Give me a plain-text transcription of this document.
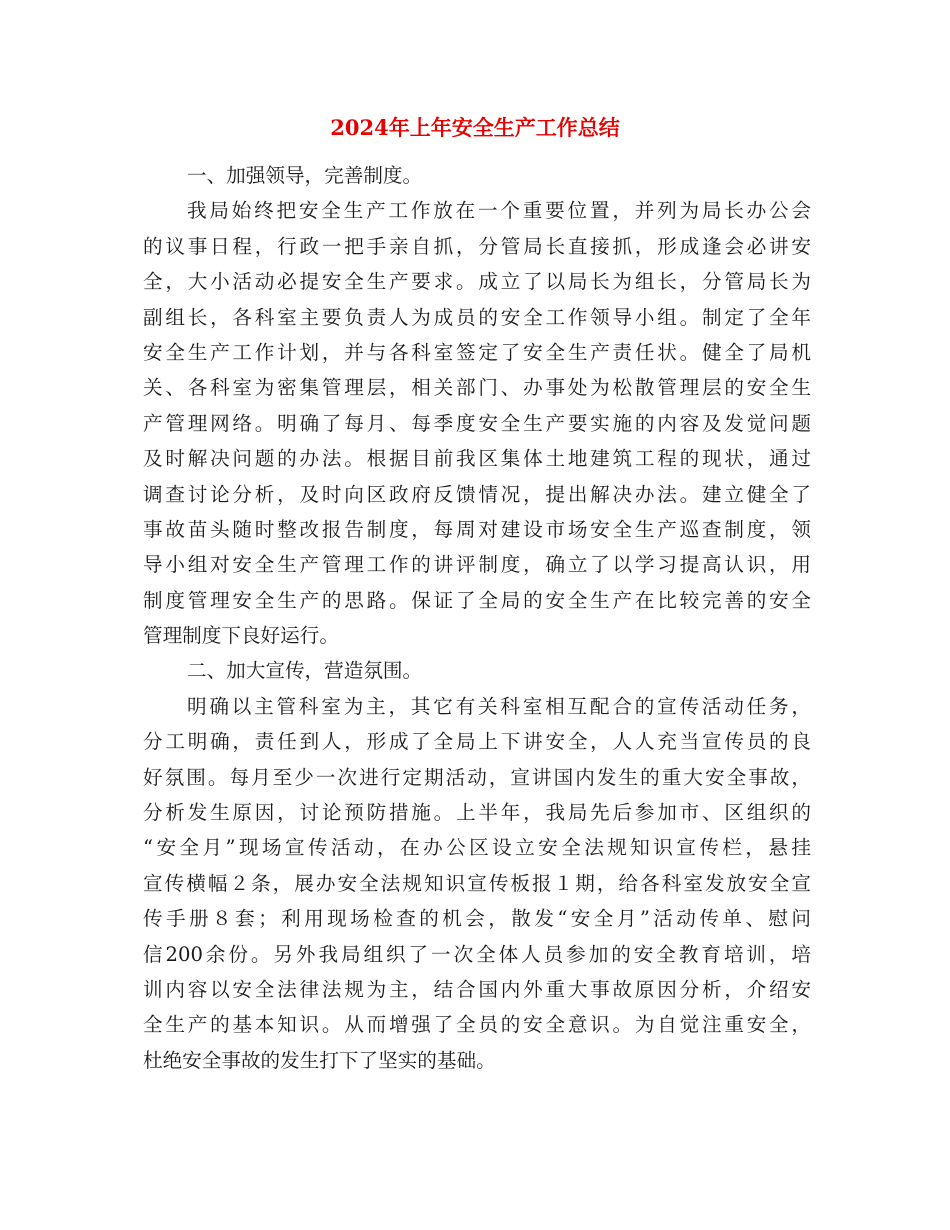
2024年上年安全生产工作总结
一、加强领导，完善制度。
我局始终把安全生产工作放在一个重要位置，并列为局长办公会
的议事日程，行政一把手亲自抓，分管局长直接抓，形成逢会必讲安
全，大小活动必提安全生产要求。成立了以局长为组长，分管局长为
副组长，各科室主要负责人为成员的安全工作领导小组。制定了全年
安全生产工作计划，并与各科室签定了安全生产责任状。健全了局机
关、各科室为密集管理层，相关部门、办事处为松散管理层的安全生
产管理网络。明确了每月、每季度安全生产要实施的内容及发觉问题
及时解决问题的办法。根据目前我区集体土地建筑工程的现状，通过
调查讨论分析，及时向区政府反馈情况，提出解决办法。建立健全了
事故苗头随时整改报告制度，每周对建设市场安全生产巡查制度，领
导小组对安全生产管理工作的讲评制度，确立了以学习提高认识，用
制度管理安全生产的思路。保证了全局的安全生产在比较完善的安全
管理制度下良好运行。
二、加大宣传，营造氛围。
明确以主管科室为主，其它有关科室相互配合的宣传活动任务，
分工明确，责任到人，形成了全局上下讲安全，人人充当宣传员的良
好氛围。每月至少一次进行定期活动，宣讲国内发生的重大安全事故，
分析发生原因，讨论预防措施。上半年，我局先后参加市、区组织的
“安全月”现场宣传活动，在办公区设立安全法规知识宣传栏，悬挂
宣传横幅２条，展办安全法规知识宣传板报１期，给各科室发放安全宣
传手册８套；利用现场检查的机会，散发“安全月”活动传单、慰问
信200余份。另外我局组织了一次全体人员参加的安全教育培训，培
训内容以安全法律法规为主，结合国内外重大事故原因分析，介绍安
全生产的基本知识。从而增强了全员的安全意识。为自觉注重安全，
杜绝安全事故的发生打下了坚实的基础。
